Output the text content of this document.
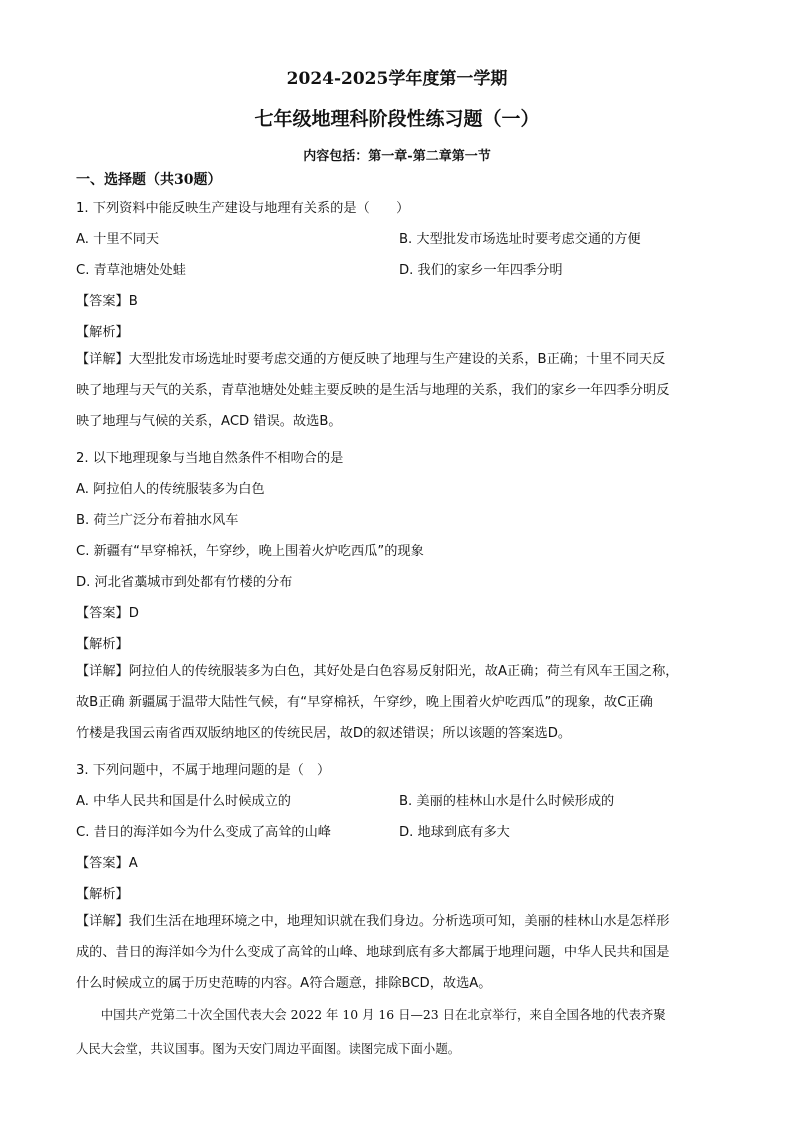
2024-2025学年度第一学期
七年级地理科阶段性练习题（一）
内容包括：第一章-第二章第一节
一、选择题（共30题）
1. 下列资料中能反映生产建设与地理有关系的是（　　）
A. 十里不同天	B. 大型批发市场选址时要考虑交通的方便
C. 青草池塘处处蛙	D. 我们的家乡一年四季分明
【答案】B
【解析】
【详解】大型批发市场选址时要考虑交通的方便反映了地理与生产建设的关系，B正确；十里不同天反
映了地理与天气的关系，青草池塘处处蛙主要反映的是生活与地理的关系，我们的家乡一年四季分明反
映了地理与气候的关系，ACD 错误。故选B。
2. 以下地理现象与当地自然条件不相吻合的是
A. 阿拉伯人的传统服装多为白色
B. 荷兰广泛分布着抽水风车
C. 新疆有“早穿棉袄，午穿纱，晚上围着火炉吃西瓜”的现象
D. 河北省藁城市到处都有竹楼的分布
【答案】D
【解析】
【详解】阿拉伯人的传统服装多为白色，其好处是白色容易反射阳光，故A正确；荷兰有风车王国之称，
故B正确 新疆属于温带大陆性气候，有“早穿棉袄，午穿纱，晚上围着火炉吃西瓜”的现象，故C正确
竹楼是我国云南省西双版纳地区的传统民居，故D的叙述错误；所以该题的答案选D。
3. 下列问题中，不属于地理问题的是（　）
A. 中华人民共和国是什么时候成立的	B. 美丽的桂林山水是什么时候形成的
C. 昔日的海洋如今为什么变成了高耸的山峰	D. 地球到底有多大
【答案】A
【解析】
【详解】我们生活在地理环境之中，地理知识就在我们身边。分析选项可知，美丽的桂林山水是怎样形
成的、昔日的海洋如今为什么变成了高耸的山峰、地球到底有多大都属于地理问题，中华人民共和国是
什么时候成立的属于历史范畴的内容。A符合题意，排除BCD，故选A。
　　中国共产党第二十次全国代表大会 2022 年 10 月 16 日—23 日在北京举行，来自全国各地的代表齐聚
人民大会堂，共议国事。图为天安门周边平面图。读图完成下面小题。
